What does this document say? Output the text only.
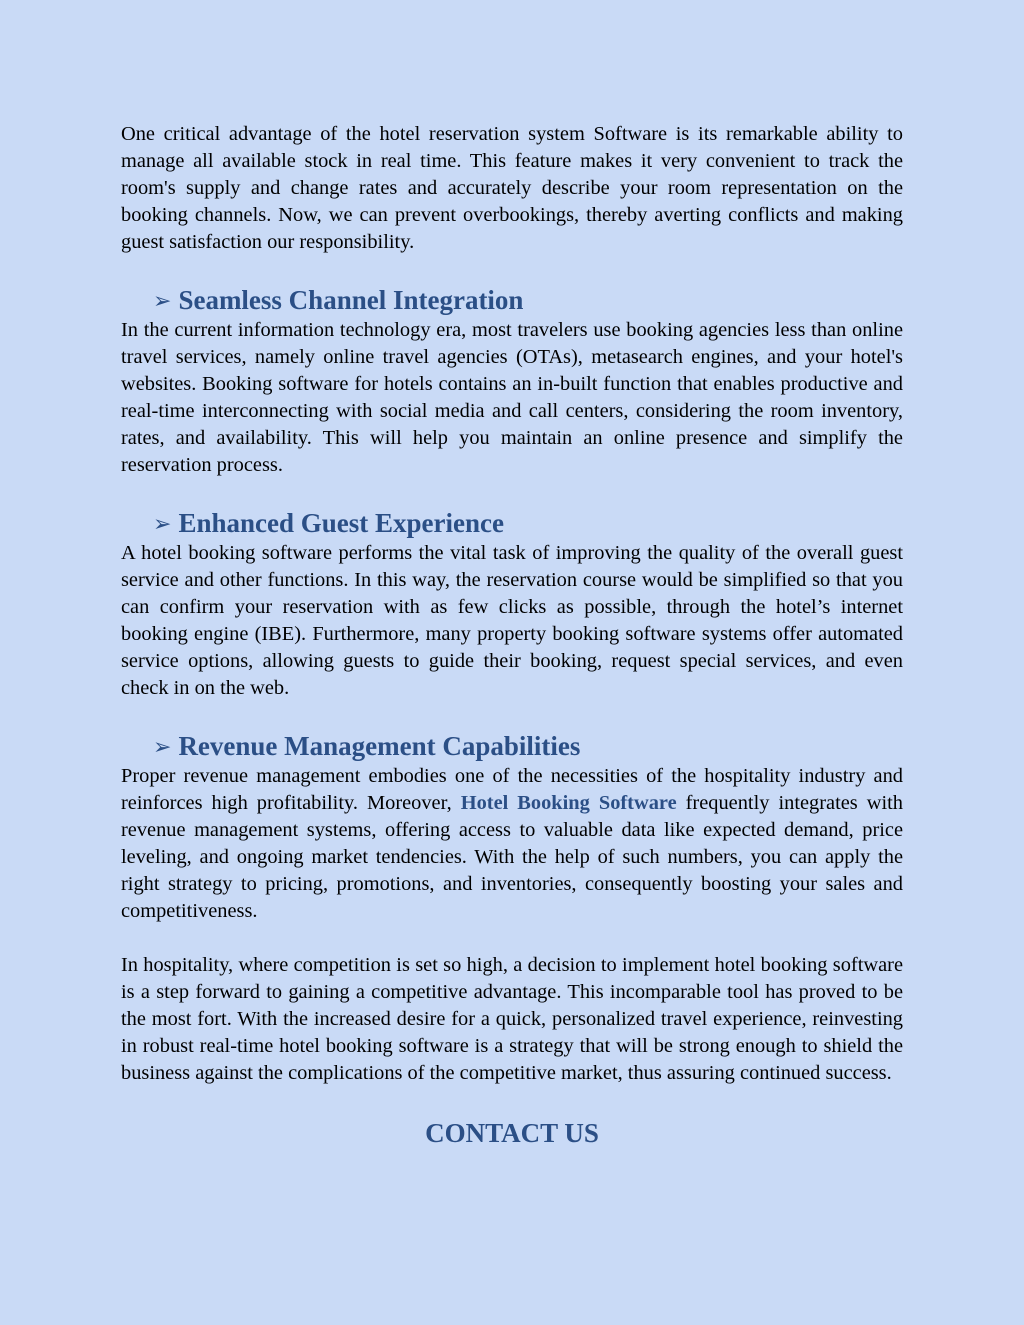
One critical advantage of the hotel reservation system Software is its remarkable ability to manage all available stock in real time. This feature makes it very convenient to track the room's supply and change rates and accurately describe your room representation on the booking channels. Now, we can prevent overbookings, thereby averting conflicts and making guest satisfaction our responsibility.

➢ Seamless Channel Integration

In the current information technology era, most travelers use booking agencies less than online travel services, namely online travel agencies (OTAs), metasearch engines, and your hotel's websites. Booking software for hotels contains an in-built function that enables productive and real-time interconnecting with social media and call centers, considering the room inventory, rates, and availability. This will help you maintain an online presence and simplify the reservation process.

➢ Enhanced Guest Experience

A hotel booking software performs the vital task of improving the quality of the overall guest service and other functions. In this way, the reservation course would be simplified so that you can confirm your reservation with as few clicks as possible, through the hotel’s internet booking engine (IBE). Furthermore, many property booking software systems offer automated service options, allowing guests to guide their booking, request special services, and even check in on the web.

➢ Revenue Management Capabilities

Proper revenue management embodies one of the necessities of the hospitality industry and reinforces high profitability. Moreover, Hotel Booking Software frequently integrates with revenue management systems, offering access to valuable data like expected demand, price leveling, and ongoing market tendencies. With the help of such numbers, you can apply the right strategy to pricing, promotions, and inventories, consequently boosting your sales and competitiveness.

In hospitality, where competition is set so high, a decision to implement hotel booking software is a step forward to gaining a competitive advantage. This incomparable tool has proved to be the most fort. With the increased desire for a quick, personalized travel experience, reinvesting in robust real-time hotel booking software is a strategy that will be strong enough to shield the business against the complications of the competitive market, thus assuring continued success.

CONTACT US
